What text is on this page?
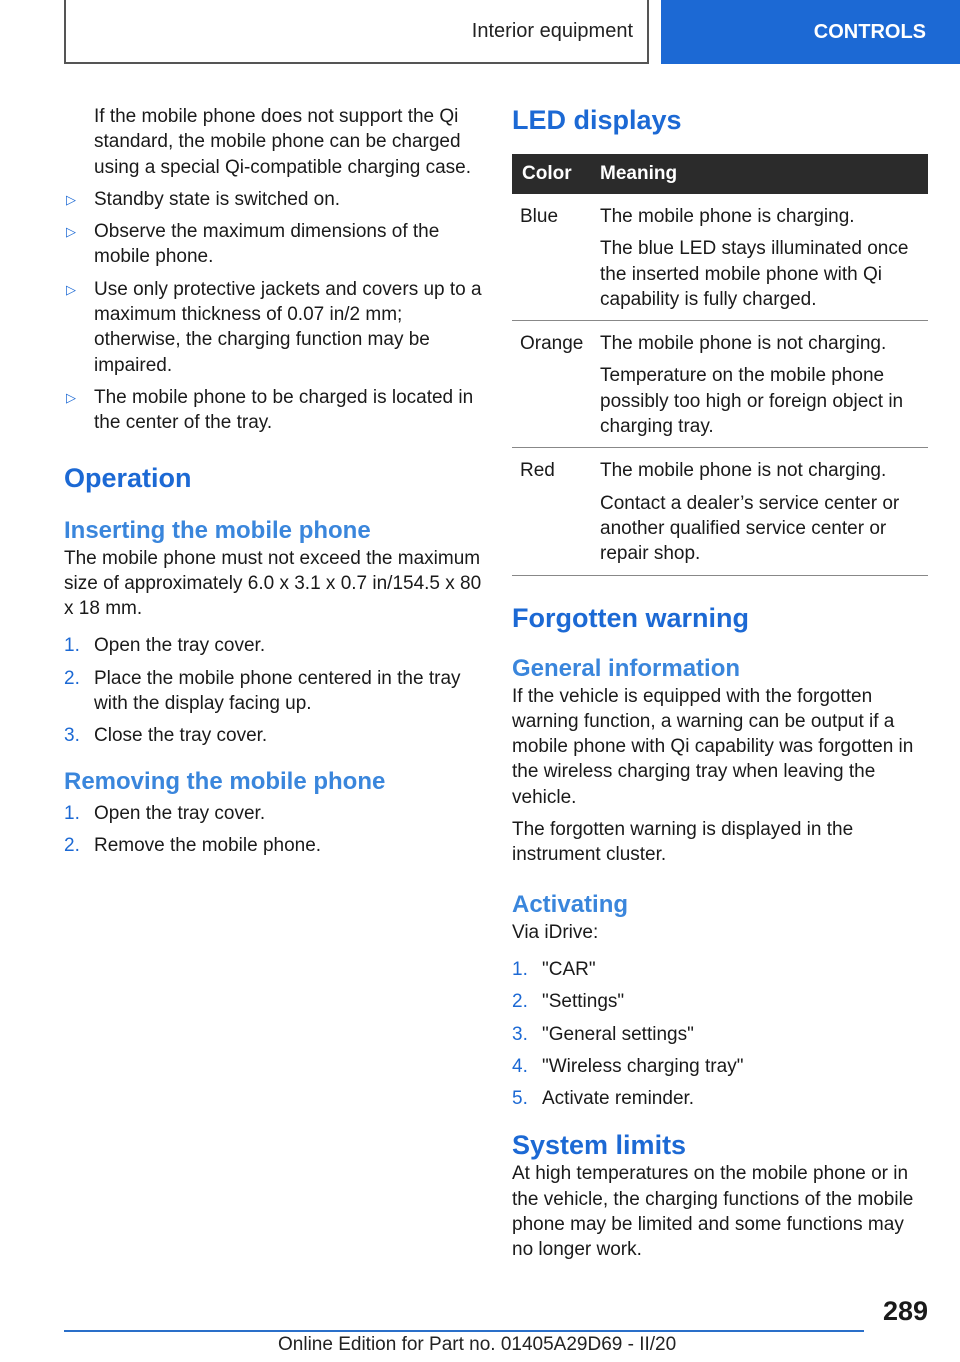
Interior equipment	CONTROLS

If the mobile phone does not support the Qi standard, the mobile phone can be charged using a special Qi-compatible charging case.

▷ Standby state is switched on.
▷ Observe the maximum dimensions of the mobile phone.
▷ Use only protective jackets and covers up to a maximum thickness of 0.07 in/2 mm; otherwise, the charging function may be impaired.
▷ The mobile phone to be charged is located in the center of the tray.
Operation
Inserting the mobile phone

The mobile phone must not exceed the maximum size of approximately 6.0 x 3.1 x 0.7 in/154.5 x 80 x 18 mm.

1. Open the tray cover.
2. Place the mobile phone centered in the tray with the display facing up.
3. Close the tray cover.
Removing the mobile phone
1. Open the tray cover.
2. Remove the mobile phone.
LED displays
Color	Meaning
Blue	The mobile phone is charging.

The blue LED stays illuminated once the inserted mobile phone with Qi capability is fully charged.

Orange	The mobile phone is not charging.

Temperature on the mobile phone possibly too high or foreign object in charging tray.

Red	The mobile phone is not charging.

Contact a dealer’s service center or another qualified service center or repair shop.

Forgotten warning
General information

If the vehicle is equipped with the forgotten warning function, a warning can be output if a mobile phone with Qi capability was forgotten in the wireless charging tray when leaving the vehicle.

The forgotten warning is displayed in the instrument cluster.

Activating

Via iDrive:

1. "CAR"
2. "Settings"
3. "General settings"
4. "Wireless charging tray"
5. Activate reminder.
System limits

At high temperatures on the mobile phone or in the vehicle, the charging functions of the mobile phone may be limited and some functions may no longer work.

289
Online Edition for Part no. 01405A29D69 - II/20
